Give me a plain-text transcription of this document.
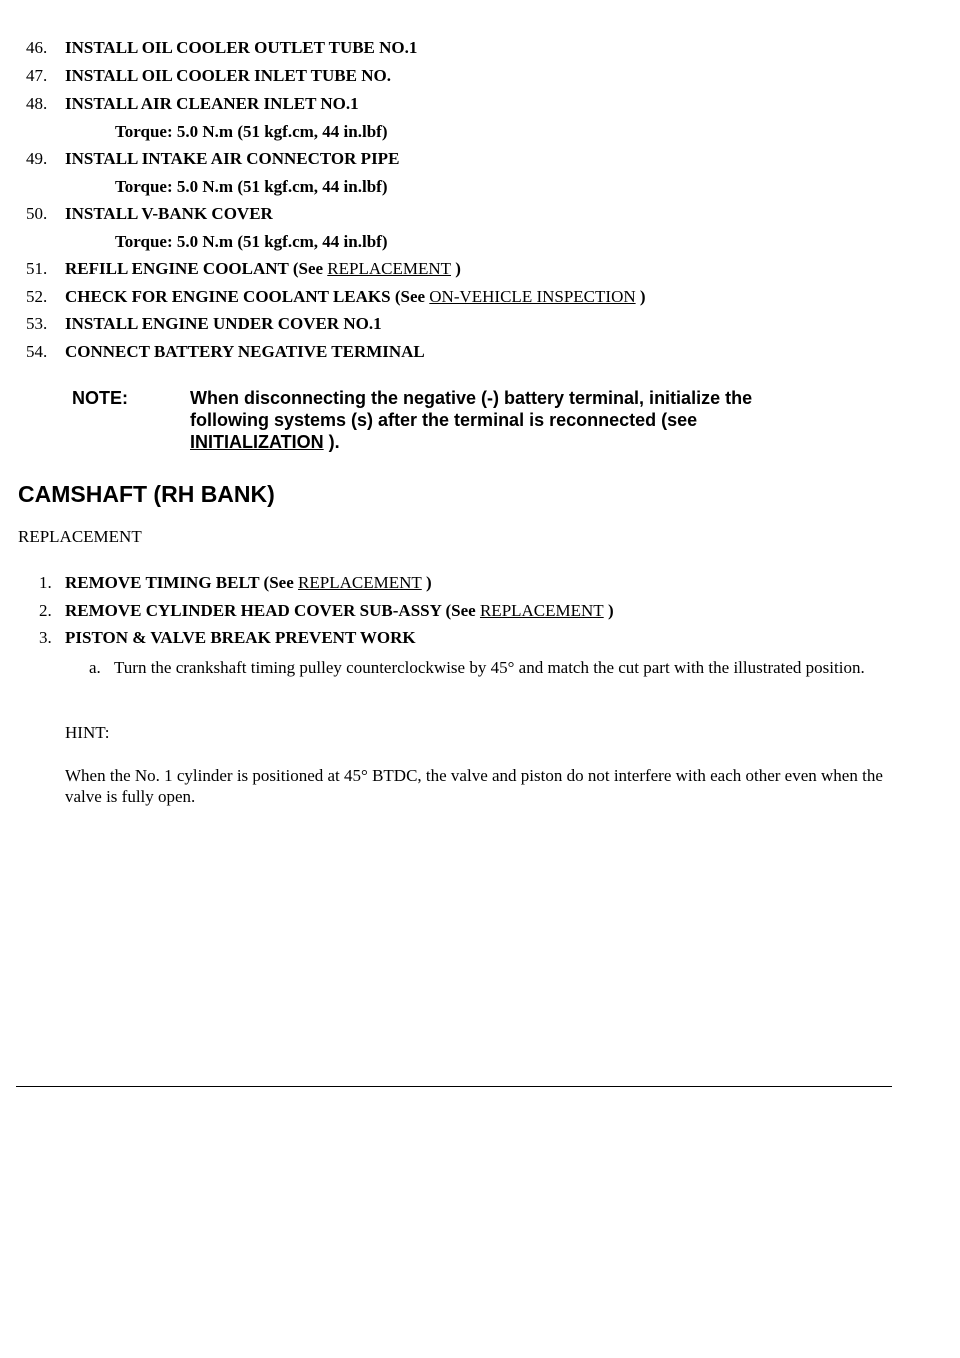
46. INSTALL OIL COOLER OUTLET TUBE NO.1
47. INSTALL OIL COOLER INLET TUBE NO.
48. INSTALL AIR CLEANER INLET NO.1
Torque: 5.0 N.m (51 kgf.cm, 44 in.lbf)
49. INSTALL INTAKE AIR CONNECTOR PIPE
Torque: 5.0 N.m (51 kgf.cm, 44 in.lbf)
50. INSTALL V-BANK COVER
Torque: 5.0 N.m (51 kgf.cm, 44 in.lbf)
51. REFILL ENGINE COOLANT (See REPLACEMENT )
52. CHECK FOR ENGINE COOLANT LEAKS (See ON-VEHICLE INSPECTION )
53. INSTALL ENGINE UNDER COVER NO.1
54. CONNECT BATTERY NEGATIVE TERMINAL
NOTE:	When disconnecting the negative (-) battery terminal, initialize the
following systems (s) after the terminal is reconnected (see
INITIALIZATION ).
CAMSHAFT (RH BANK)
REPLACEMENT
1. REMOVE TIMING BELT (See REPLACEMENT )
2. REMOVE CYLINDER HEAD COVER SUB-ASSY (See REPLACEMENT )
3. PISTON & VALVE BREAK PREVENT WORK
a. Turn the crankshaft timing pulley counterclockwise by 45° and match the cut part with the illustrated position.
HINT:
When the No. 1 cylinder is positioned at 45° BTDC, the valve and piston do not interfere with each other even when the valve is fully open.
